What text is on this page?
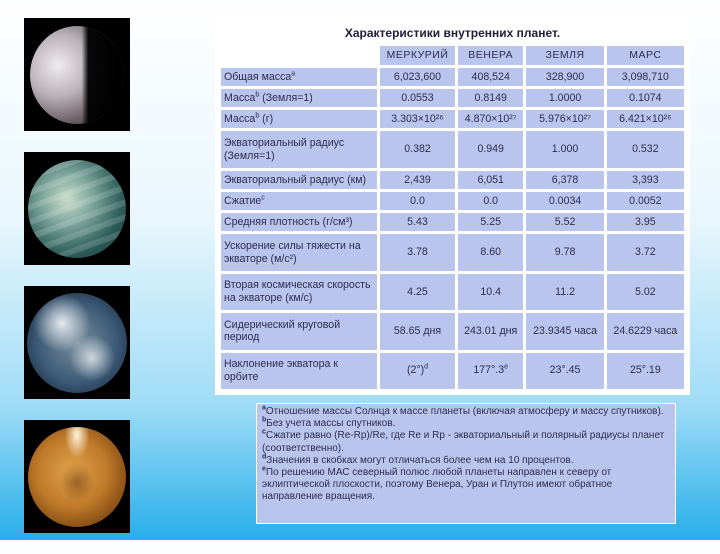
Характеристики внутренних планет.				
	МЕРКУРИЙ	ВЕНЕРА	ЗЕМЛЯ	МАРС
Общая масса$^a$	6,023,600	408,524	328,900	3,098,710
Масса$^b$ (Земля=1)	0.0553	0.8149	1.0000	0.1074
Масса$^b$ (г)	3.303×10²⁶	4.870×10²⁷	5.976×10²⁷	6.421×10²⁶
Экваториальный радиус (Земля=1)	0.382	0.949	1.000	0.532
Экваториальный радиус (км)	2,439	6,051	6,378	3,393
Сжатие$^c$	0.0	0.0	0.0034	0.0052
Средняя плотность (г/см³)	5.43	5.25	5.52	3.95
Ускорение силы тяжести на экваторе (м/с²)	3.78	8.60	9.78	3.72
Вторая космическая скорость на экваторе (км/с)	4.25	10.4	11.2	5.02
Сидерический круговой период	58.65 дня	243.01 дня	23.9345 часа	24.6229 часа
Наклонение экватора к орбите	$(2^\circ)^d$	177°.3e	23°.45	25°.19

$^a$Отношение массы Солнца к массе планеты (включая атмосферу и массу спутников).

$^b$Без учета массы спутников.

$^c$Сжатие равно (Re-Rp)/Re, где Re и Rp - экваториальный и полярный радиусы планет (соответственно).

$^d$Значения в скобках могут отличаться более чем на 10 процентов.

$^e$По решению МАС северный полюс любой планеты направлен к северу от эклиптической плоскости, поэтому Венера, Уран и Плутон имеют обратное направление вращения.
